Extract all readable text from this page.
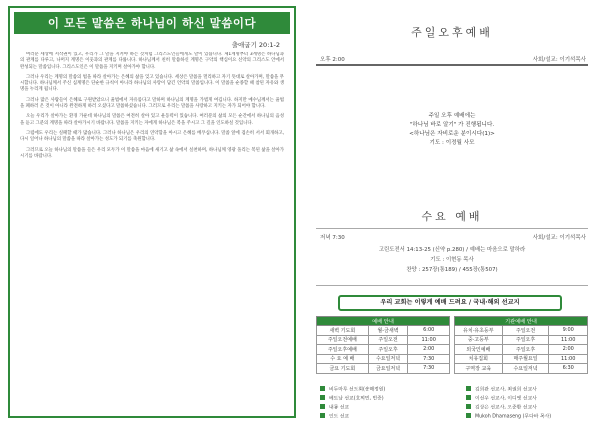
이 모든 말씀은 하나님이 하신 말씀이다
출애굽기 20:1-2

여러분 세상에 저작권이 있고, 우리가 그 말을 지켜야 하는 것처럼 그리스도인들에게도 말이 있습니다. 제1계명부터 3계명은 하나님과의 관계를 다루고, 나머지 계명은 이웃과의 관계를 다룹니다. 하나님께서 친히 말씀하신 계명은 구약의 핵심이요 신약의 그리스도 안에서 완성되는 말씀입니다. 그리스도인은 이 말씀을 지키며 살아가야 합니다.

그러나 우리는 계명의 말씀의 법을 따라 살아가는 은혜의 삶을 잊고 있습니다. 세상은 말씀을 멀리하고 자기 뜻대로 살아가며, 말씀을 무시합니다. 하나님께서 주신 십계명은 단순한 규칙이 아니라 하나님의 사랑이 담긴 언약의 말씀입니다. 이 말씀을 순종할 때 참된 자유와 생명을 누리게 됩니다.

그러나 많은 사람들이 은혜로 구원받았으니 율법에서 자유롭다고 말하며 하나님의 계명을 가볍게 여깁니다. 하지만 예수님께서는 율법을 폐하러 온 것이 아니라 완전하게 하러 오셨다고 말씀하셨습니다. 그러므로 우리는 말씀을 사랑하고 지키는 자가 되어야 합니다.

오늘 우리가 살아가는 환경 가운데 하나님의 말씀은 여전히 살아 있고 운동력이 있습니다. 여러분의 삶의 모든 순간에서 하나님의 음성을 듣고 그분의 계명을 따라 살아가시기 바랍니다. 말씀을 지키는 자에게 하나님은 복을 주시고 그 길을 인도하실 것입니다.

그럼에도 우리는 실패할 때가 많습니다. 그러나 하나님은 우리의 연약함을 아시고 은혜를 베푸십니다. 말씀 앞에 겸손히 서서 회개하고, 다시 일어나 하나님의 말씀을 따라 살아가는 성도가 되기를 축원합니다.

그러므로 오늘 하나님의 말씀을 들은 우리 모두가 이 말씀을 마음에 새기고 삶 속에서 실천하며, 하나님께 영광 돌리는 복된 삶을 살아가시기를 바랍니다.

주일오후예배
오후 2:00	사회/설교: 이기석목사
주일 오후 예배에는
"하나님 바로 알기" 가 진행됩니다.
<하나님은 자비로운 분이시다(1)>
기도 : 이정월 사모
수요 예배
저녁 7:30	사회/설교: 이기석목사
고린도전서 14:13-25 (신약 p.280) / 예배는 마음으로 말하라
기도 : 이현동 목사
찬양 : 257장(통189) / 455장(통507)
우리 교회는 이렇게 예배 드려요 / 국내·해외 선교지
예배 안내		
새벽 기도회	월-금새벽	6:00
주일오전예배	주일오전	11:00
주일오후예배	주일오후	2:00
수 요 예 배	수요일저녁	7:30
금요 기도회	금요일저녁	7:30
기관예배 안내		
유치·유초등부	주일오전	9:00
중·고등부	주일오후	11:00
외국인예배	주일오후	2:00
치유집회	매주월요일	11:00
구역장 교육	수요일저녁	6:30
비두마루 선도회(송해정원)	김희관 선교사, 최권희 선교사
베트남 선교(호찌민, 빈증)	이선우 선교사, 이디엣 선교사
내몽 선교	김상은 선교사, 오준환 선교사
인도 선교	Mukoh Dhamaseng (무다바 목사)
